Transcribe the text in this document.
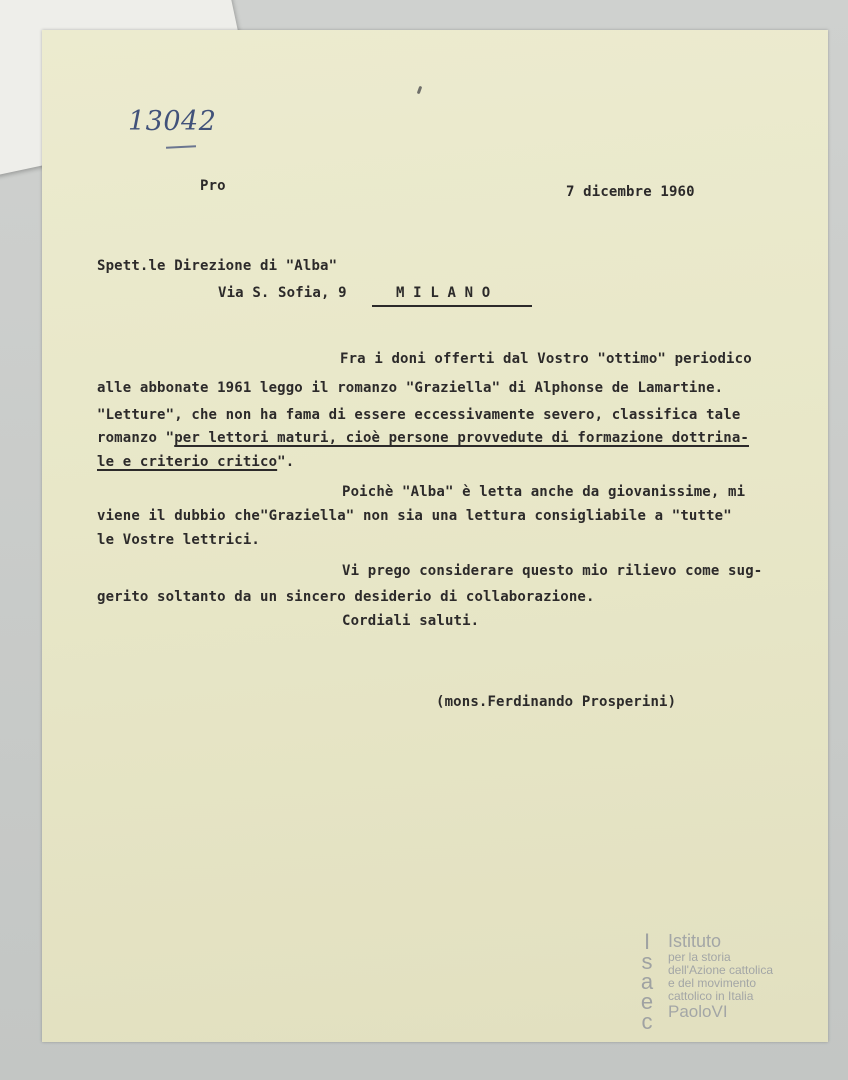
13042
Pro	7 dicembre 1960
Spett.le Direzione di "Alba"
Via S. Sofia, 9	M I L A N O
Fra i doni offerti dal Vostro "ottimo" periodico
alle abbonate 1961 leggo il romanzo "Graziella" di Alphonse de Lamartine.
"Letture", che non ha fama di essere eccessivamente severo, classifica tale
romanzo "per lettori maturi, cioè persone provvedute di formazione dottrina-
le e criterio critico".
Poichè "Alba" è letta anche da giovanissime, mi
viene il dubbio che"Graziella" non sia una lettura consigliabile a "tutte"
le Vostre lettrici.
Vi prego considerare questo mio rilievo come sug-
gerito soltanto da un sincero desiderio di collaborazione.
Cordiali saluti.
(mons.Ferdinando Prosperini)
I
s
a
e
c
Istituto
per la storia
dell'Azione cattolica
e del movimento
cattolico in Italia
PaoloVI
